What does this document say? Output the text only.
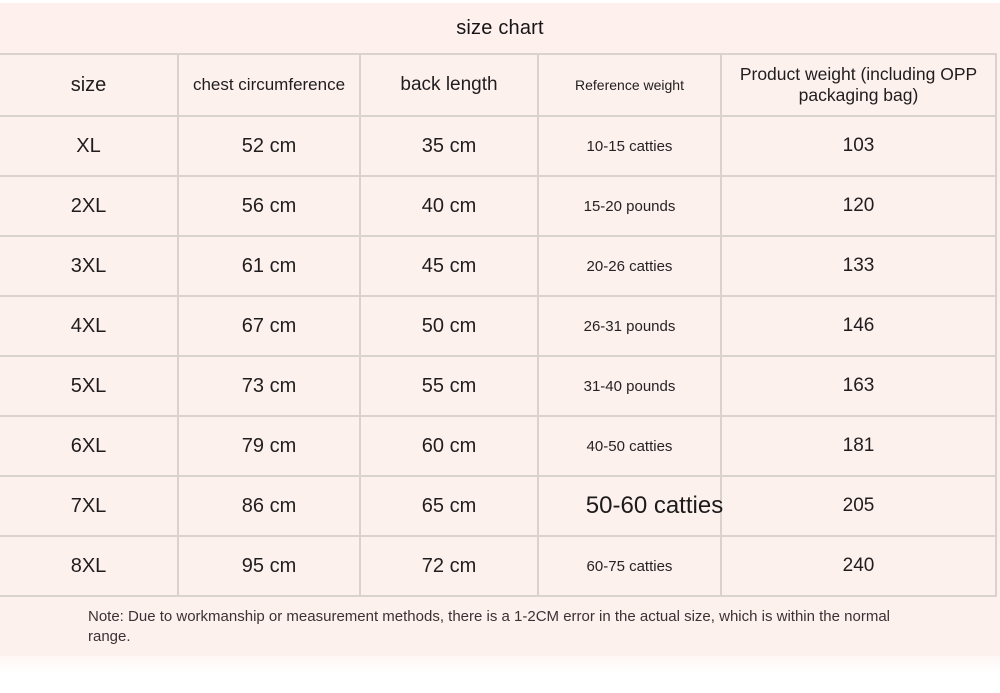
size chart
size	chest circumference	back length	Reference weight	Product weight (including OPP packaging bag)
XL	52 cm	35 cm	10-15 catties	103
2XL	56 cm	40 cm	15-20 pounds	120
3XL	61 cm	45 cm	20-26 catties	133
4XL	67 cm	50 cm	26-31 pounds	146
5XL	73 cm	55 cm	31-40 pounds	163
6XL	79 cm	60 cm	40-50 catties	181
7XL	86 cm	65 cm	50-60 catties	205
8XL	95 cm	72 cm	60-75 catties	240
Note: Due to workmanship or measurement methods, there is a 1-2CM error in the actual size, which is within the normal range.
